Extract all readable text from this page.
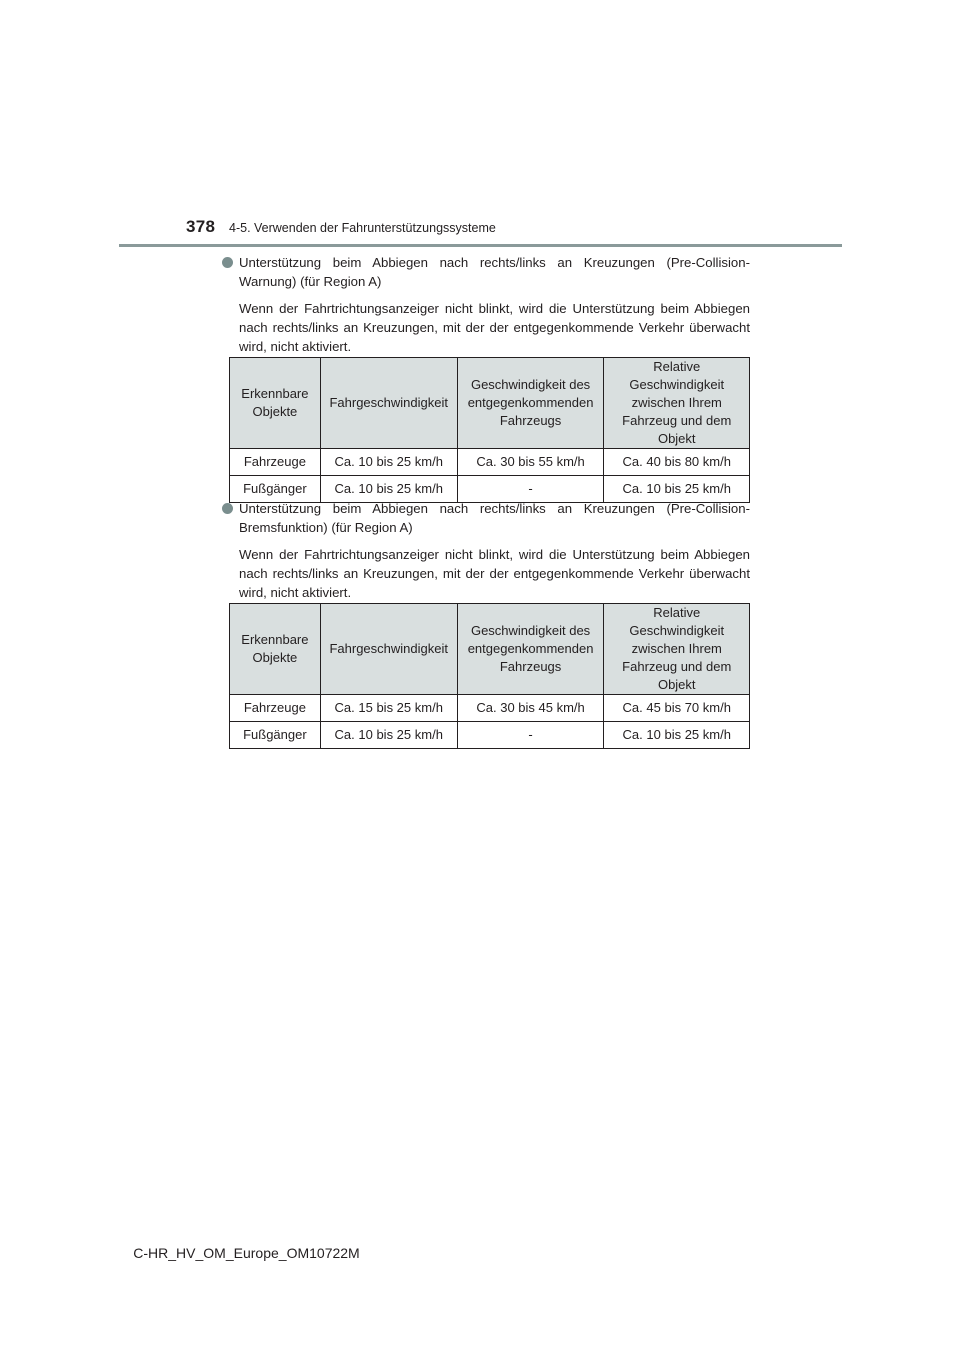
378 4-5. Verwenden der Fahrunterstützungssysteme
Unterstützung beim Abbiegen nach rechts/links an Kreuzungen (Pre-Collision-Warnung) (für Region A)
Wenn der Fahrtrichtungsanzeiger nicht blinkt, wird die Unterstützung beim Abbiegen nach rechts/links an Kreuzungen, mit der der entgegenkommende Verkehr überwacht wird, nicht aktiviert.
Erkennbare Objekte	Fahrgeschwindigkeit	Geschwindigkeit des entgegenkommenden Fahrzeugs	Relative Geschwindigkeit zwischen Ihrem Fahrzeug und dem Objekt
Fahrzeuge	Ca. 10 bis 25 km/h	Ca. 30 bis 55 km/h	Ca. 40 bis 80 km/h
Fußgänger	Ca. 10 bis 25 km/h	-	Ca. 10 bis 25 km/h
Unterstützung beim Abbiegen nach rechts/links an Kreuzungen (Pre-Collision-Bremsfunktion) (für Region A)
Wenn der Fahrtrichtungsanzeiger nicht blinkt, wird die Unterstützung beim Abbiegen nach rechts/links an Kreuzungen, mit der der entgegenkommende Verkehr überwacht wird, nicht aktiviert.
Erkennbare Objekte	Fahrgeschwindigkeit	Geschwindigkeit des entgegenkommenden Fahrzeugs	Relative Geschwindigkeit zwischen Ihrem Fahrzeug und dem Objekt
Fahrzeuge	Ca. 15 bis 25 km/h	Ca. 30 bis 45 km/h	Ca. 45 bis 70 km/h
Fußgänger	Ca. 10 bis 25 km/h	-	Ca. 10 bis 25 km/h
C-HR_HV_OM_Europe_OM10722M
